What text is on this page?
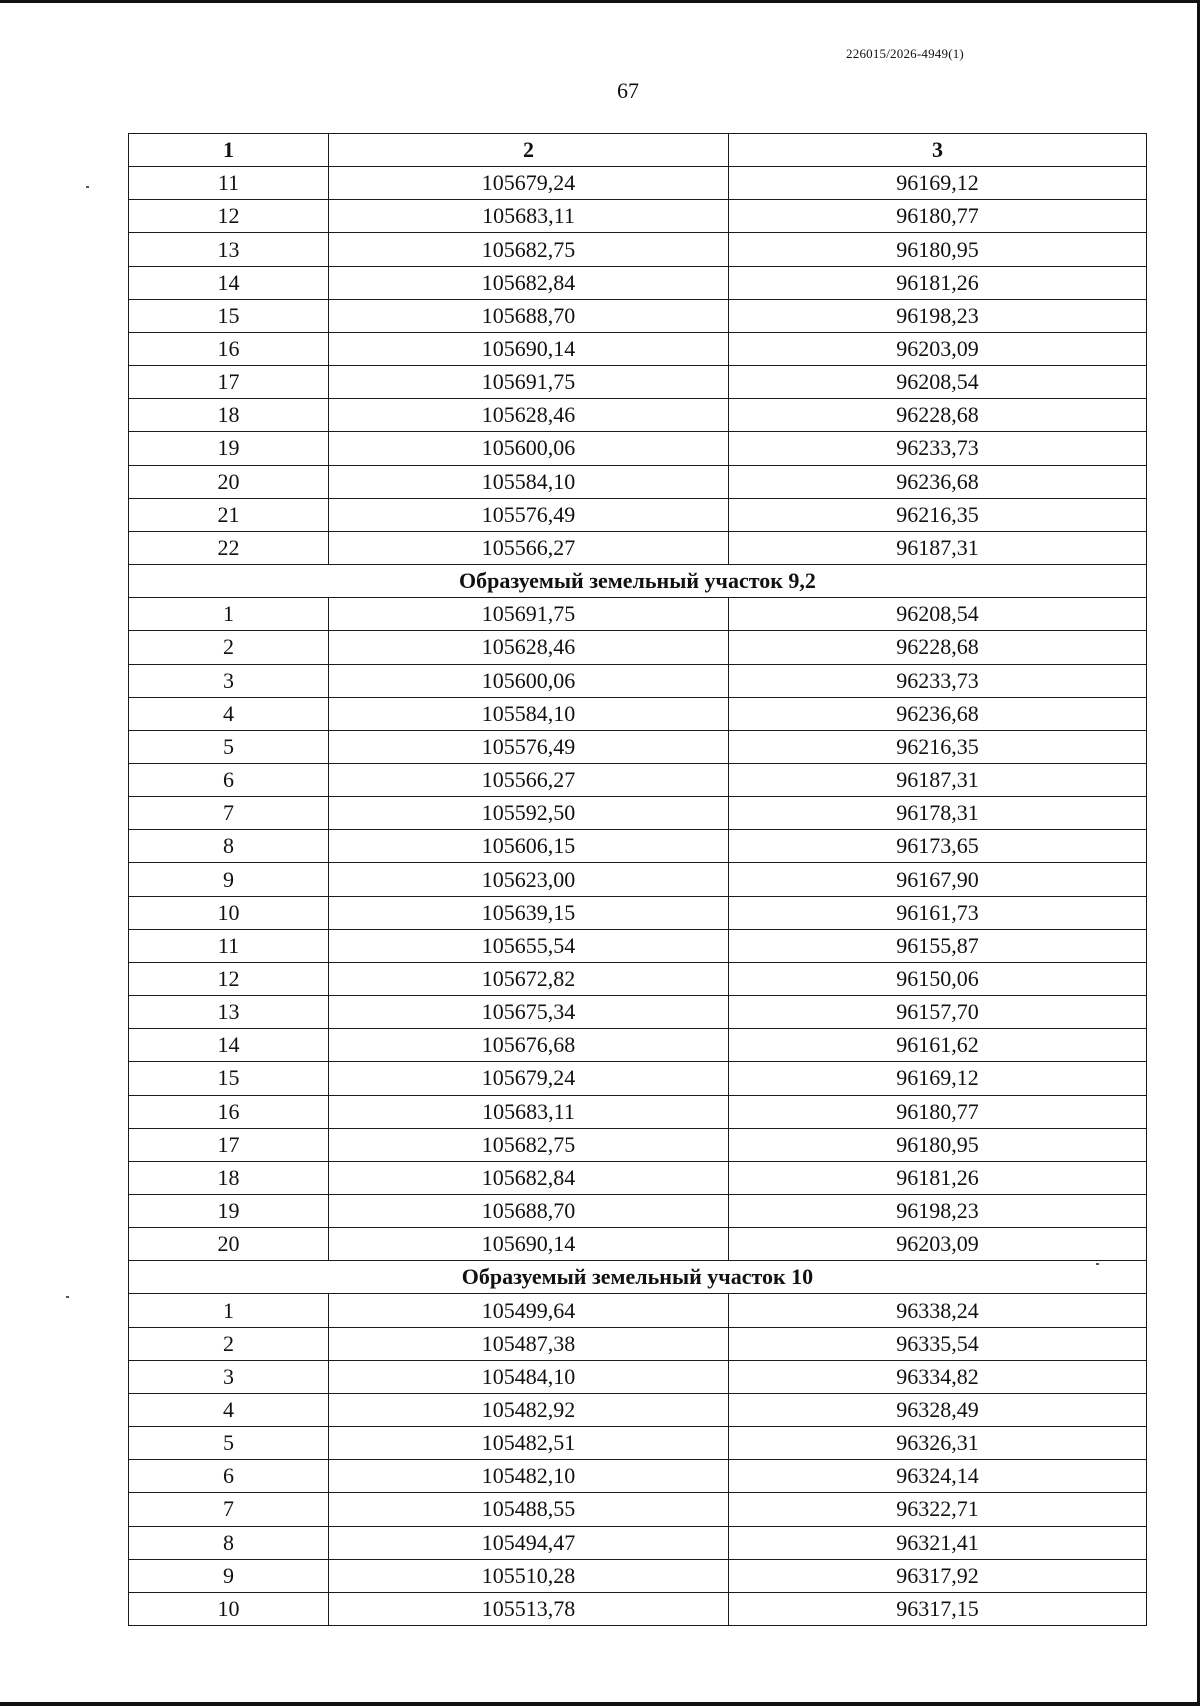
226015/2026-4949(1)
67
1	2	3
11	105679,24	96169,12
12	105683,11	96180,77
13	105682,75	96180,95
14	105682,84	96181,26
15	105688,70	96198,23
16	105690,14	96203,09
17	105691,75	96208,54
18	105628,46	96228,68
19	105600,06	96233,73
20	105584,10	96236,68
21	105576,49	96216,35
22	105566,27	96187,31
Образуемый земельный участок 9,2		
1	105691,75	96208,54
2	105628,46	96228,68
3	105600,06	96233,73
4	105584,10	96236,68
5	105576,49	96216,35
6	105566,27	96187,31
7	105592,50	96178,31
8	105606,15	96173,65
9	105623,00	96167,90
10	105639,15	96161,73
11	105655,54	96155,87
12	105672,82	96150,06
13	105675,34	96157,70
14	105676,68	96161,62
15	105679,24	96169,12
16	105683,11	96180,77
17	105682,75	96180,95
18	105682,84	96181,26
19	105688,70	96198,23
20	105690,14	96203,09
Образуемый земельный участок 10		
1	105499,64	96338,24
2	105487,38	96335,54
3	105484,10	96334,82
4	105482,92	96328,49
5	105482,51	96326,31
6	105482,10	96324,14
7	105488,55	96322,71
8	105494,47	96321,41
9	105510,28	96317,92
10	105513,78	96317,15
